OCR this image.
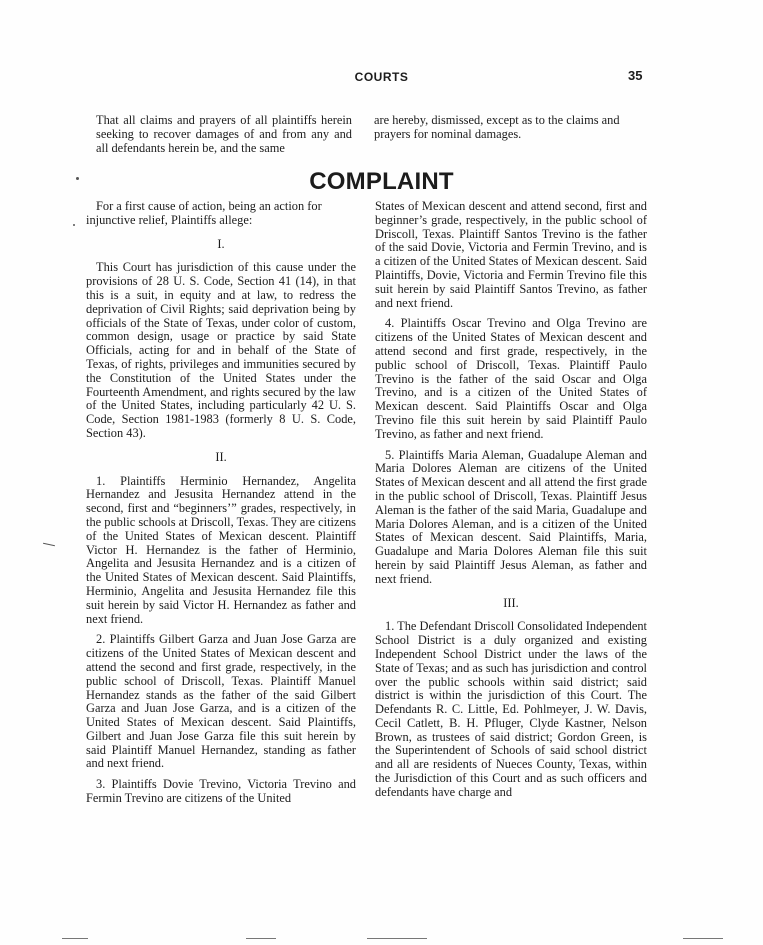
COURTS	35
That all claims and prayers of all plaintiffs herein seeking to recover damages of and from any and all defendants herein be, and the same
are hereby, dismissed, except as to the claims and prayers for nominal damages.
COMPLAINT

For a first cause of action, being an action for injunctive relief, Plaintiffs allege:

I.

This Court has jurisdiction of this cause under the provisions of 28 U. S. Code, Section 41 (14), in that this is a suit, in equity and at law, to redress the deprivation of Civil Rights; said deprivation being by officials of the State of Texas, under color of custom, common design, usage or practice by said State Officials, acting for and in behalf of the State of Texas, of rights, privileges and immunities secured by the Constitution of the United States under the Fourteenth Amendment, and rights secured by the law of the United States, including particularly 42 U. S. Code, Section 1981-1983 (formerly 8 U. S. Code, Section 43).

II.

1. Plaintiffs Herminio Hernandez, Angelita Hernandez and Jesusita Hernandez attend in the second, first and “beginners’” grades, respectively, in the public schools at Driscoll, Texas. They are citizens of the United States of Mexican descent. Plaintiff Victor H. Hernandez is the father of Herminio, Angelita and Jesusita Hernandez and is a citizen of the United States of Mexican descent. Said Plaintiffs, Herminio, Angelita and Jesusita Hernandez file this suit herein by said Victor H. Hernandez as father and next friend.

2. Plaintiffs Gilbert Garza and Juan Jose Garza are citizens of the United States of Mexican descent and attend the second and first grade, respectively, in the public school of Driscoll, Texas. Plaintiff Manuel Hernandez stands as the father of the said Gilbert Garza and Juan Jose Garza, and is a citizen of the United States of Mexican descent. Said Plaintiffs, Gilbert and Juan Jose Garza file this suit herein by said Plaintiff Manuel Hernandez, standing as father and next friend.

3. Plaintiffs Dovie Trevino, Victoria Trevino and Fermin Trevino are citizens of the United

States of Mexican descent and attend second, first and beginner’s grade, respectively, in the public school of Driscoll, Texas. Plaintiff Santos Trevino is the father of the said Dovie, Victoria and Fermin Trevino, and is a citizen of the United States of Mexican descent. Said Plaintiffs, Dovie, Victoria and Fermin Trevino file this suit herein by said Plaintiff Santos Trevino, as father and next friend.

4. Plaintiffs Oscar Trevino and Olga Trevino are citizens of the United States of Mexican descent and attend second and first grade, respectively, in the public school of Driscoll, Texas. Plaintiff Paulo Trevino is the father of the said Oscar and Olga Trevino, and is a citizen of the United States of Mexican descent. Said Plaintiffs Oscar and Olga Trevino file this suit herein by said Plaintiff Paulo Trevino, as father and next friend.

5. Plaintiffs Maria Aleman, Guadalupe Aleman and Maria Dolores Aleman are citizens of the United States of Mexican descent and all attend the first grade in the public school of Driscoll, Texas. Plaintiff Jesus Aleman is the father of the said Maria, Guadalupe and Maria Dolores Aleman, and is a citizen of the United States of Mexican descent. Said Plaintiffs, Maria, Guadalupe and Maria Dolores Aleman file this suit herein by said Plaintiff Jesus Aleman, as father and next friend.

III.

1. The Defendant Driscoll Consolidated Independent School District is a duly organized and existing Independent School District under the laws of the State of Texas; and as such has jurisdiction and control over the public schools within said district; said district is within the jurisdiction of this Court. The Defendants R. C. Little, Ed. Pohlmeyer, J. W. Davis, Cecil Catlett, B. H. Pfluger, Clyde Kastner, Nelson Brown, as trustees of said district; Gordon Green, is the Superintendent of Schools of said school district and all are residents of Nueces County, Texas, within the Jurisdiction of this Court and as such officers and defendants have charge and
